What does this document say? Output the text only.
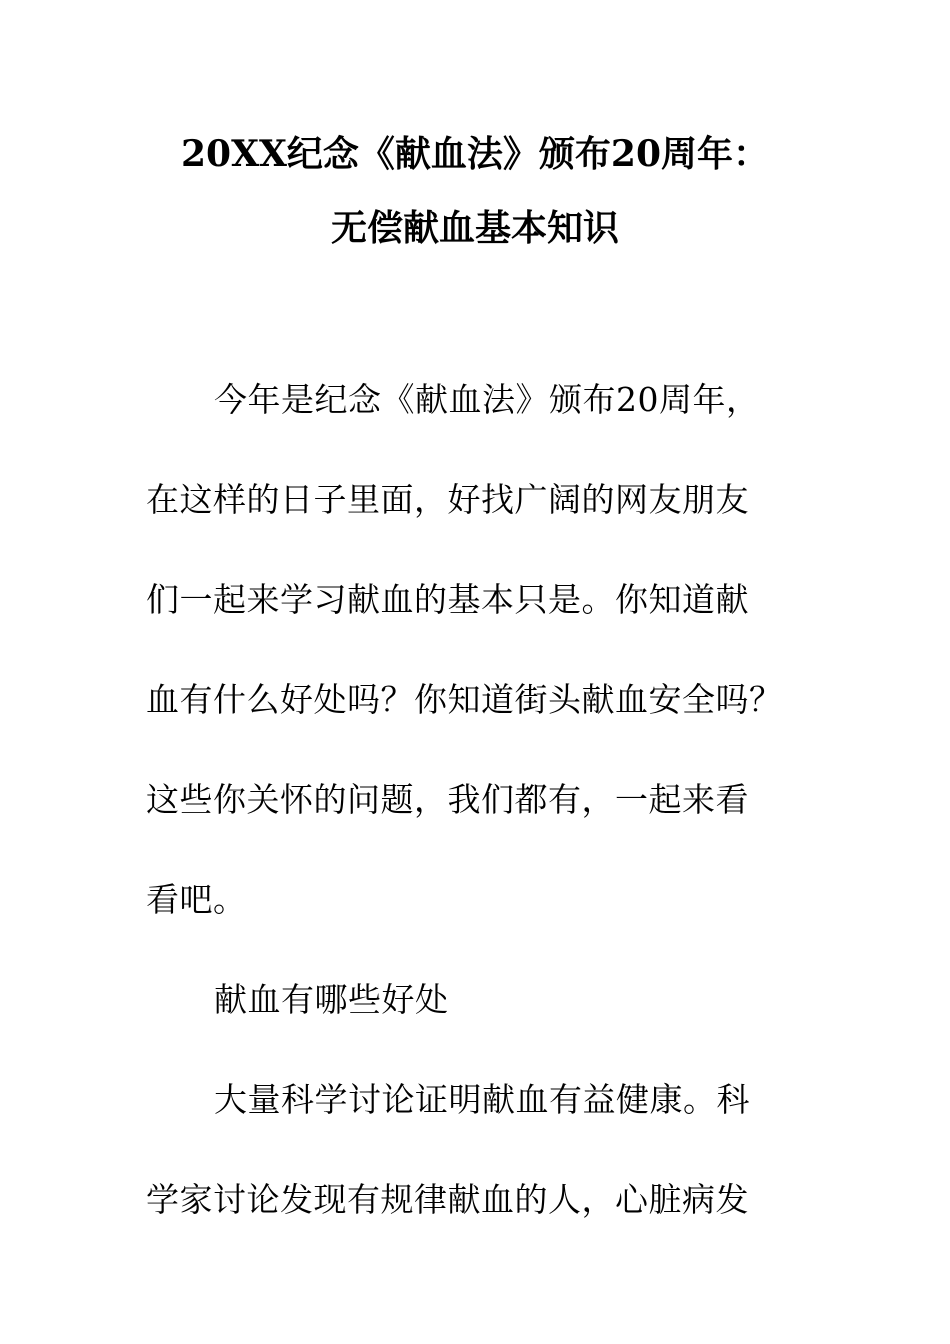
20XX纪念《献血法》颁布20周年：
无偿献血基本知识
今年是纪念《献血法》颁布20周年，
在这样的日子里面，好找广阔的网友朋友
们一起来学习献血的基本只是。你知道献
血有什么好处吗？你知道街头献血安全吗？
这些你关怀的问题，我们都有，一起来看
看吧。
献血有哪些好处
大量科学讨论证明献血有益健康。科
学家讨论发现有规律献血的人，心脏病发
